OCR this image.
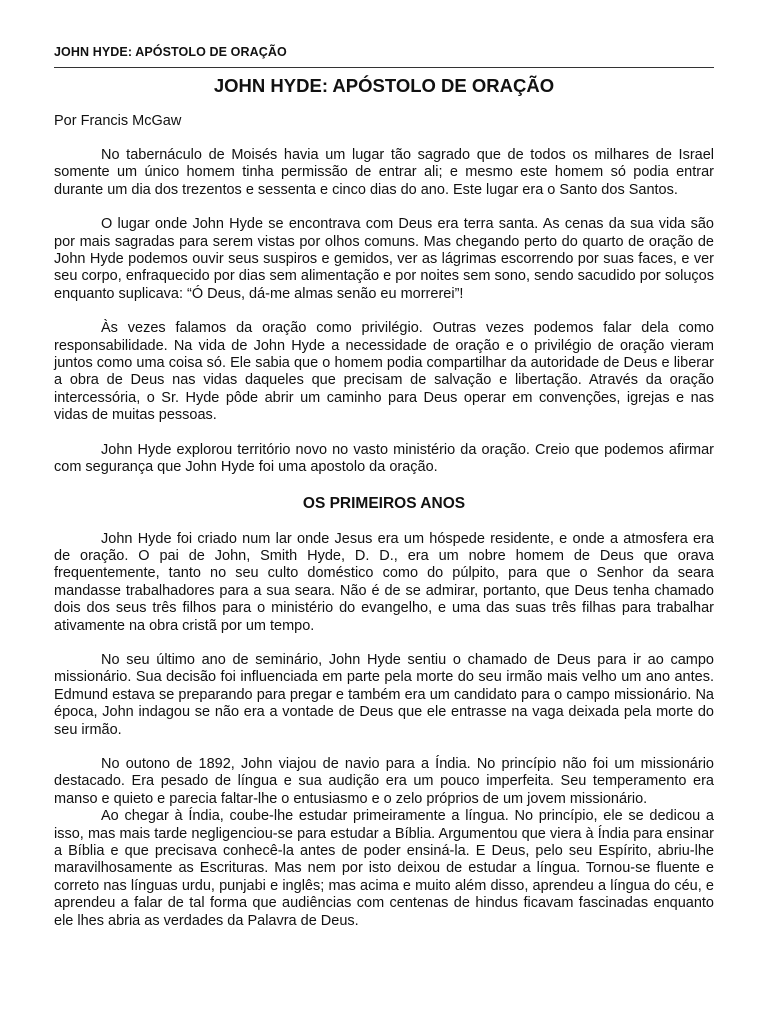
JOHN HYDE: APÓSTOLO DE ORAÇÃO
JOHN HYDE: APÓSTOLO DE ORAÇÃO
Por Francis McGaw

No tabernáculo de Moisés havia um lugar tão sagrado que de todos os milhares de Israel somente um único homem tinha permissão de entrar ali; e mesmo este homem só podia entrar durante um dia dos trezentos e sessenta e cinco dias do ano. Este lugar era o Santo dos Santos.

O lugar onde John Hyde se encontrava com Deus era terra santa. As cenas da sua vida são por mais sagradas para serem vistas por olhos comuns. Mas chegando perto do quarto de oração de John Hyde podemos ouvir seus suspiros e gemidos, ver as lágrimas escorrendo por suas faces, e ver seu corpo, enfraquecido por dias sem alimentação e por noites sem sono, sendo sacudido por soluços enquanto suplicava: “Ó Deus, dá-me almas senão eu morrerei”!

Às vezes falamos da oração como privilégio. Outras vezes podemos falar dela como responsabilidade. Na vida de John Hyde a necessidade de oração e o privilégio de oração vieram juntos como uma coisa só. Ele sabia que o homem podia compartilhar da autoridade de Deus e liberar a obra de Deus nas vidas daqueles que precisam de salvação e libertação. Através da oração intercessória, o Sr. Hyde pôde abrir um caminho para Deus operar em convenções, igrejas e nas vidas de muitas pessoas.

John Hyde explorou território novo no vasto ministério da oração. Creio que podemos afirmar com segurança que John Hyde foi uma apostolo da oração.

OS PRIMEIROS ANOS

John Hyde foi criado num lar onde Jesus era um hóspede residente, e onde a atmosfera era de oração. O pai de John, Smith Hyde, D. D., era um nobre homem de Deus que orava frequentemente, tanto no seu culto doméstico como do púlpito, para que o Senhor da seara mandasse trabalhadores para a sua seara. Não é de se admirar, portanto, que Deus tenha chamado dois dos seus três filhos para o ministério do evangelho, e uma das suas três filhas para trabalhar ativamente na obra cristã por um tempo.

No seu último ano de seminário, John Hyde sentiu o chamado de Deus para ir ao campo missionário. Sua decisão foi influenciada em parte pela morte do seu irmão mais velho um ano antes. Edmund estava se preparando para pregar e também era um candidato para o campo missionário. Na época, John indagou se não era a vontade de Deus que ele entrasse na vaga deixada pela morte do seu irmão.

No outono de 1892, John viajou de navio para a Índia. No princípio não foi um missionário destacado. Era pesado de língua e sua audição era um pouco imperfeita. Seu temperamento era manso e quieto e parecia faltar-lhe o entusiasmo e o zelo próprios de um jovem missionário.

Ao chegar à Índia, coube-lhe estudar primeiramente a língua. No princípio, ele se dedicou a isso, mas mais tarde negligenciou-se para estudar a Bíblia. Argumentou que viera à Índia para ensinar a Bíblia e que precisava conhecê-la antes de poder ensiná-la. E Deus, pelo seu Espírito, abriu-lhe maravilhosamente as Escrituras. Mas nem por isto deixou de estudar a língua. Tornou-se fluente e correto nas línguas urdu, punjabi e inglês; mas acima e muito além disso, aprendeu a língua do céu, e aprendeu a falar de tal forma que audiências com centenas de hindus ficavam fascinadas enquanto ele lhes abria as verdades da Palavra de Deus.
